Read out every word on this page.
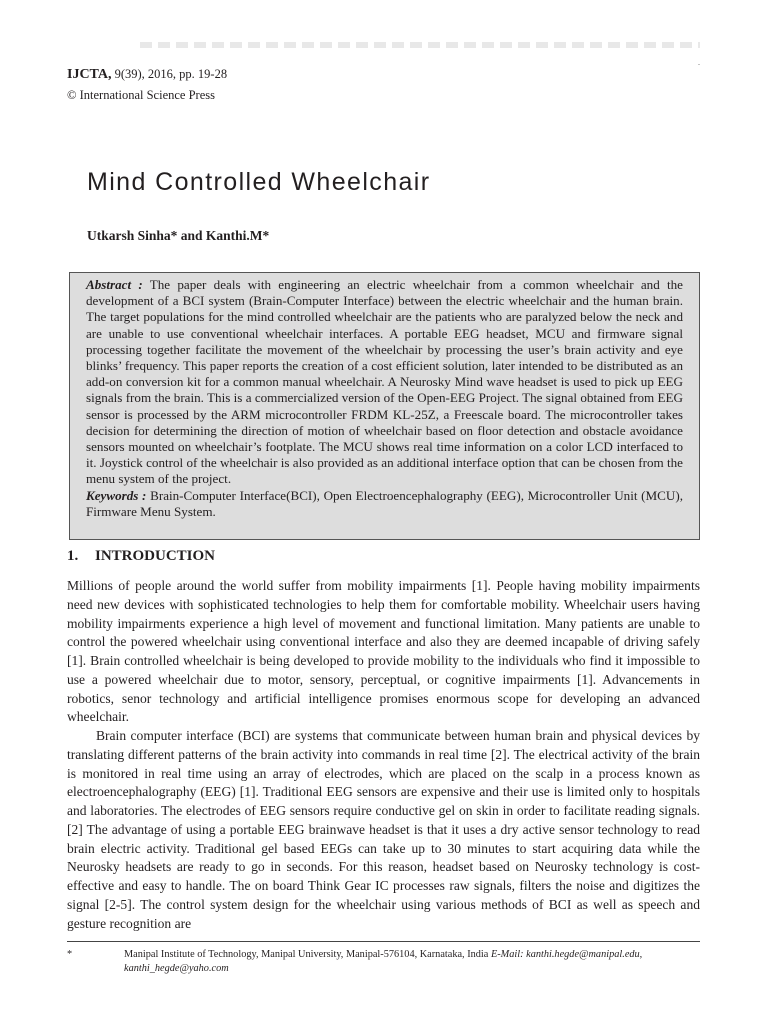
.
IJCTA, 9(39), 2016, pp. 19-28
© International Science Press
Mind Controlled Wheelchair
Utkarsh Sinha* and Kanthi.M*

Abstract : The paper deals with engineering an electric wheelchair from a common wheelchair and the development of a BCI system (Brain-Computer Interface) between the electric wheelchair and the human brain. The target populations for the mind controlled wheelchair are the patients who are paralyzed below the neck and are unable to use conventional wheelchair interfaces. A portable EEG headset, MCU and firmware signal processing together facilitate the movement of the wheelchair by processing the user’s brain activity and eye blinks’ frequency. This paper reports the creation of a cost efficient solution, later intended to be distributed as an add-on conversion kit for a common manual wheelchair. A Neurosky Mind wave headset is used to pick up EEG signals from the brain. This is a commercialized version of the Open-EEG Project. The signal obtained from EEG sensor is processed by the ARM microcontroller FRDM KL-25Z, a Freescale board. The microcontroller takes decision for determining the direction of motion of wheelchair based on floor detection and obstacle avoidance sensors mounted on wheelchair’s footplate. The MCU shows real time information on a color LCD interfaced to it. Joystick control of the wheelchair is also provided as an additional interface option that can be chosen from the menu system of the project.

Keywords : Brain-Computer Interface(BCI), Open Electroencephalography (EEG), Microcontroller Unit (MCU), Firmware Menu System.

1. INTRODUCTION

Millions of people around the world suffer from mobility impairments [1]. People having mobility impairments need new devices with sophisticated technologies to help them for comfortable mobility. Wheelchair users having mobility impairments experience a high level of movement and functional limitation. Many patients are unable to control the powered wheelchair using conventional interface and also they are deemed incapable of driving safely [1]. Brain controlled wheelchair is being developed to provide mobility to the individuals who find it impossible to use a powered wheelchair due to motor, sensory, perceptual, or cognitive impairments [1]. Advancements in robotics, senor technology and artificial intelligence promises enormous scope for developing an advanced wheelchair.

Brain computer interface (BCI) are systems that communicate between human brain and physical devices by translating different patterns of the brain activity into commands in real time [2]. The electrical activity of the brain is monitored in real time using an array of electrodes, which are placed on the scalp in a process known as electroencephalography (EEG) [1]. Traditional EEG sensors are expensive and their use is limited only to hospitals and laboratories. The electrodes of EEG sensors require conductive gel on skin in order to facilitate reading signals.[2] The advantage of using a portable EEG brainwave headset is that it uses a dry active sensor technology to read brain electric activity. Traditional gel based EEGs can take up to 30 minutes to start acquiring data while the Neurosky headsets are ready to go in seconds. For this reason, headset based on Neurosky technology is cost-effective and easy to handle. The on board Think Gear IC processes raw signals, filters the noise and digitizes the signal [2-5]. The control system design for the wheelchair using various methods of BCI as well as speech and gesture recognition are

*	Manipal Institute of Technology, Manipal University, Manipal-576104, Karnataka, India E-Mail: kanthi.hegde@manipal.edu, kanthi_hegde@yaho.com
